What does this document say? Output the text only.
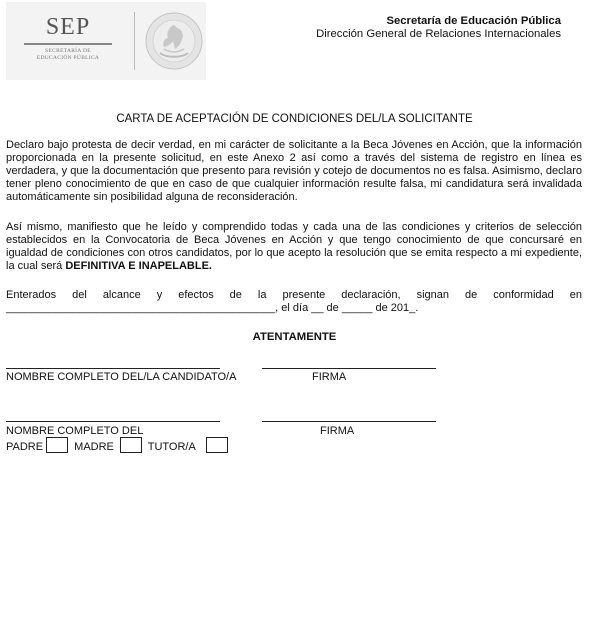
SEP
SECRETARÍA DE
EDUCACIÓN PÚBLICA
Secretaría de Educación Pública
Dirección General de Relaciones Internacionales
CARTA DE ACEPTACIÓN DE CONDICIONES DEL/LA SOLICITANTE
Declaro bajo protesta de decir verdad, en mi carácter de solicitante a la Beca Jóvenes en Acción, que la información proporcionada en la presente solicitud, en este Anexo 2 así como a través del sistema de registro en línea es verdadera, y que la documentación que presento para revisión y cotejo de documentos no es falsa. Asimismo, declaro tener pleno conocimiento de que en caso de que cualquier información resulte falsa, mi candidatura será invalidada automáticamente sin posibilidad alguna de reconsideración.
Así mismo, manifiesto que he leído y comprendido todas y cada una de las condiciones y criterios de selección establecidos en la Convocatoria de Beca Jóvenes en Acción y que tengo conocimiento de que concursaré en igualdad de condiciones con otros candidatos, por lo que acepto la resolución que se emita respecto a mi expediente, la cual será DEFINITIVA E INAPELABLE.
Enterados del alcance y efectos de la presente declaración, signan de conformidad en
____________________________________________, el día __ de _____ de 201_.
ATENTAMENTE
NOMBRE COMPLETO DEL/LA CANDIDATO/A	FIRMA
NOMBRE COMPLETO DEL	FIRMA
PADRE	MADRE	TUTOR/A
